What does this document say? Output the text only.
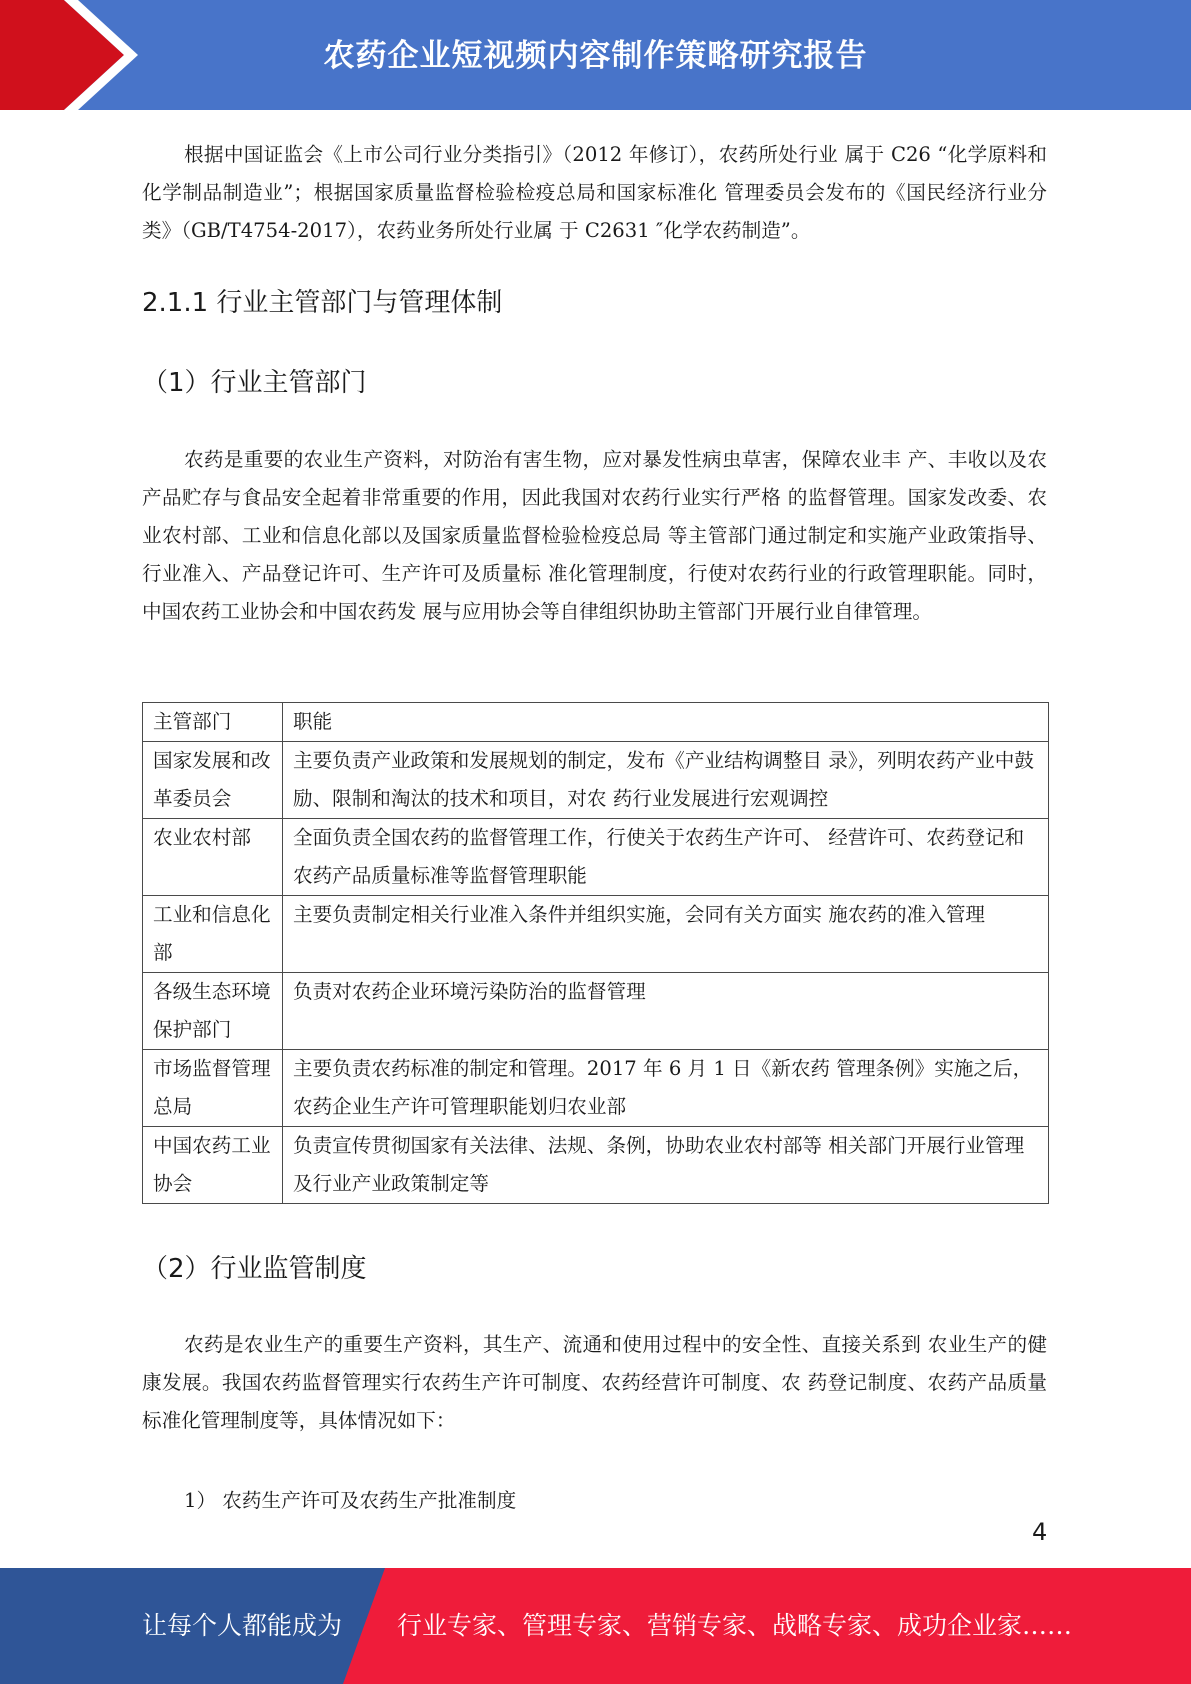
农药企业短视频内容制作策略研究报告

根据中国证监会《上市公司行业分类指引》（2012 年修订），农药所处行业 属于 C26 “化学原料和化学制品制造业”；根据国家质量监督检验检疫总局和国家标准化 管理委员会发布的《国民经济行业分类》（GB/T4754-2017），农药业务所处行业属 于 C2631 ″化学农药制造”。

2.1.1 行业主管部门与管理体制
（1）行业主管部门

农药是重要的农业生产资料，对防治有害生物，应对暴发性病虫草害，保障农业丰 产、丰收以及农产品贮存与食品安全起着非常重要的作用，因此我国对农药行业实行严格 的监督管理。国家发改委、农业农村部、工业和信息化部以及国家质量监督检验检疫总局 等主管部门通过制定和实施产业政策指导、行业准入、产品登记许可、生产许可及质量标 准化管理制度，行使对农药行业的行政管理职能。同时，中国农药工业协会和中国农药发 展与应用协会等自律组织协助主管部门开展行业自律管理。

主管部门	职能
国家发展和改革委员会	主要负责产业政策和发展规划的制定，发布《产业结构调整目 录》，列明农药产业中鼓励、限制和淘汰的技术和项目，对农 药行业发展进行宏观调控
农业农村部	全面负责全国农药的监督管理工作，行使关于农药生产许可、 经营许可、农药登记和农药产品质量标准等监督管理职能
工业和信息化部	主要负责制定相关行业准入条件并组织实施，会同有关方面实 施农药的准入管理
各级生态环境保护部门	负责对农药企业环境污染防治的监督管理
市场监督管理总局	主要负责农药标准的制定和管理。2017 年 6 月 1 日《新农药 管理条例》实施之后，农药企业生产许可管理职能划归农业部
中国农药工业协会	负责宣传贯彻国家有关法律、法规、条例，协助农业农村部等 相关部门开展行业管理及行业产业政策制定等
（2）行业监管制度

农药是农业生产的重要生产资料，其生产、流通和使用过程中的安全性、直接关系到 农业生产的健康发展。我国农药监督管理实行农药生产许可制度、农药经营许可制度、农 药登记制度、农药产品质量标准化管理制度等，具体情况如下：

1） 农药生产许可及农药生产批准制度

4
让每个人都能成为 行业专家、管理专家、营销专家、战略专家、成功企业家……
